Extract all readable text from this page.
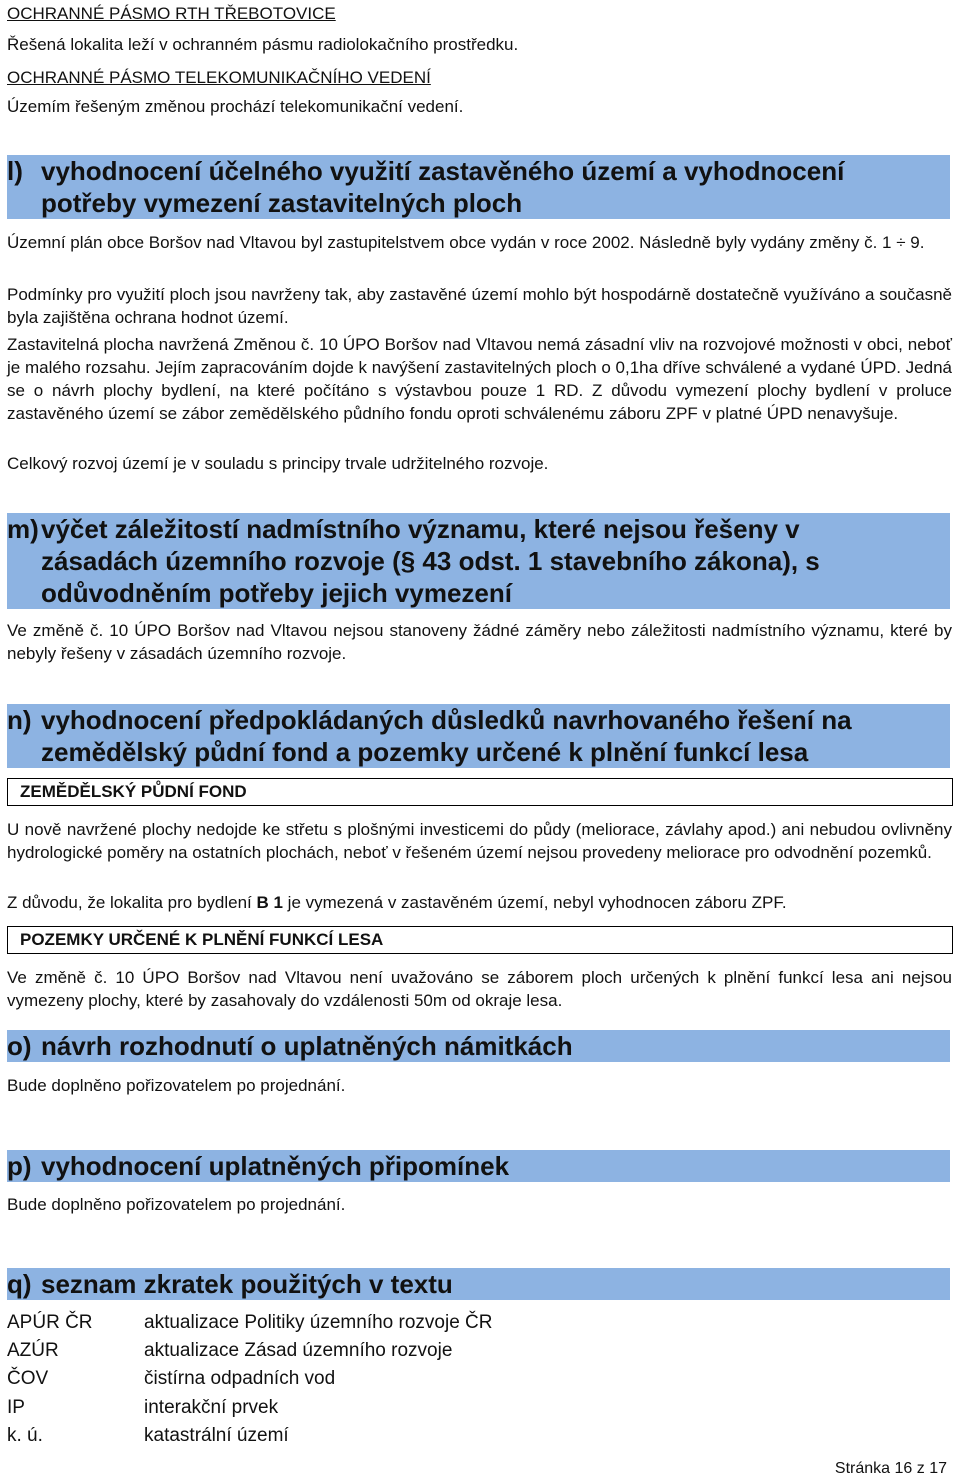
OCHRANNÉ PÁSMO RTH TŘEBOTOVICE
Řešená lokalita leží v ochranném pásmu radiolokačního prostředku.
OCHRANNÉ PÁSMO TELEKOMUNIKAČNÍHO VEDENÍ
Územím řešeným změnou prochází telekomunikační vedení.
l) vyhodnocení účelného využití zastavěného území a vyhodnocení
potřeby vymezení zastavitelných ploch
Územní plán obce Boršov nad Vltavou byl zastupitelstvem obce vydán v roce 2002. Následně byly vydány změny č. 1 ÷ 9.
Podmínky pro využití ploch jsou navrženy tak, aby zastavěné území mohlo být hospodárně dostatečně využíváno a současně byla zajištěna ochrana hodnot území.
Zastavitelná plocha navržená Změnou č. 10 ÚPO Boršov nad Vltavou nemá zásadní vliv na rozvojové možnosti v obci, neboť je malého rozsahu. Jejím zapracováním dojde k navýšení zastavitelných ploch o 0,1ha dříve schválené a vydané ÚPD. Jedná se o návrh plochy bydlení, na které počítáno s výstavbou pouze 1 RD. Z důvodu vymezení plochy bydlení v proluce zastavěného území se zábor zemědělského půdního fondu oproti schválenému záboru ZPF v platné ÚPD nenavyšuje.
Celkový rozvoj území je v souladu s principy trvale udržitelného rozvoje.
m) výčet záležitostí nadmístního významu, které nejsou řešeny v
zásadách územního rozvoje (§ 43 odst. 1 stavebního zákona), s
odůvodněním potřeby jejich vymezení
Ve změně č. 10 ÚPO Boršov nad Vltavou nejsou stanoveny žádné záměry nebo záležitosti nadmístního významu, které by nebyly řešeny v zásadách územního rozvoje.
n) vyhodnocení předpokládaných důsledků navrhovaného řešení na
zemědělský půdní fond a pozemky určené k plnění funkcí lesa
ZEMĚDĚLSKÝ PŮDNÍ FOND
U nově navržené plochy nedojde ke střetu s plošnými investicemi do půdy (meliorace, závlahy apod.) ani nebudou ovlivněny hydrologické poměry na ostatních plochách, neboť v řešeném území nejsou provedeny meliorace pro odvodnění pozemků.
Z důvodu, že lokalita pro bydlení B 1 je vymezená v zastavěném území, nebyl vyhodnocen záboru ZPF.
POZEMKY URČENÉ K PLNĚNÍ FUNKCÍ LESA
Ve změně č. 10 ÚPO Boršov nad Vltavou není uvažováno se záborem ploch určených k plnění funkcí lesa ani nejsou vymezeny plochy, které by zasahovaly do vzdálenosti 50m od okraje lesa.
o) návrh rozhodnutí o uplatněných námitkách
Bude doplněno pořizovatelem po projednání.
p) vyhodnocení uplatněných připomínek
Bude doplněno pořizovatelem po projednání.
q) seznam zkratek použitých v textu
APÚR ČR	aktualizace Politiky územního rozvoje ČR
AZÚR	aktualizace Zásad územního rozvoje
ČOV	čistírna odpadních vod
IP	interakční prvek
k. ú.	katastrální území
Stránka 16 z 17
